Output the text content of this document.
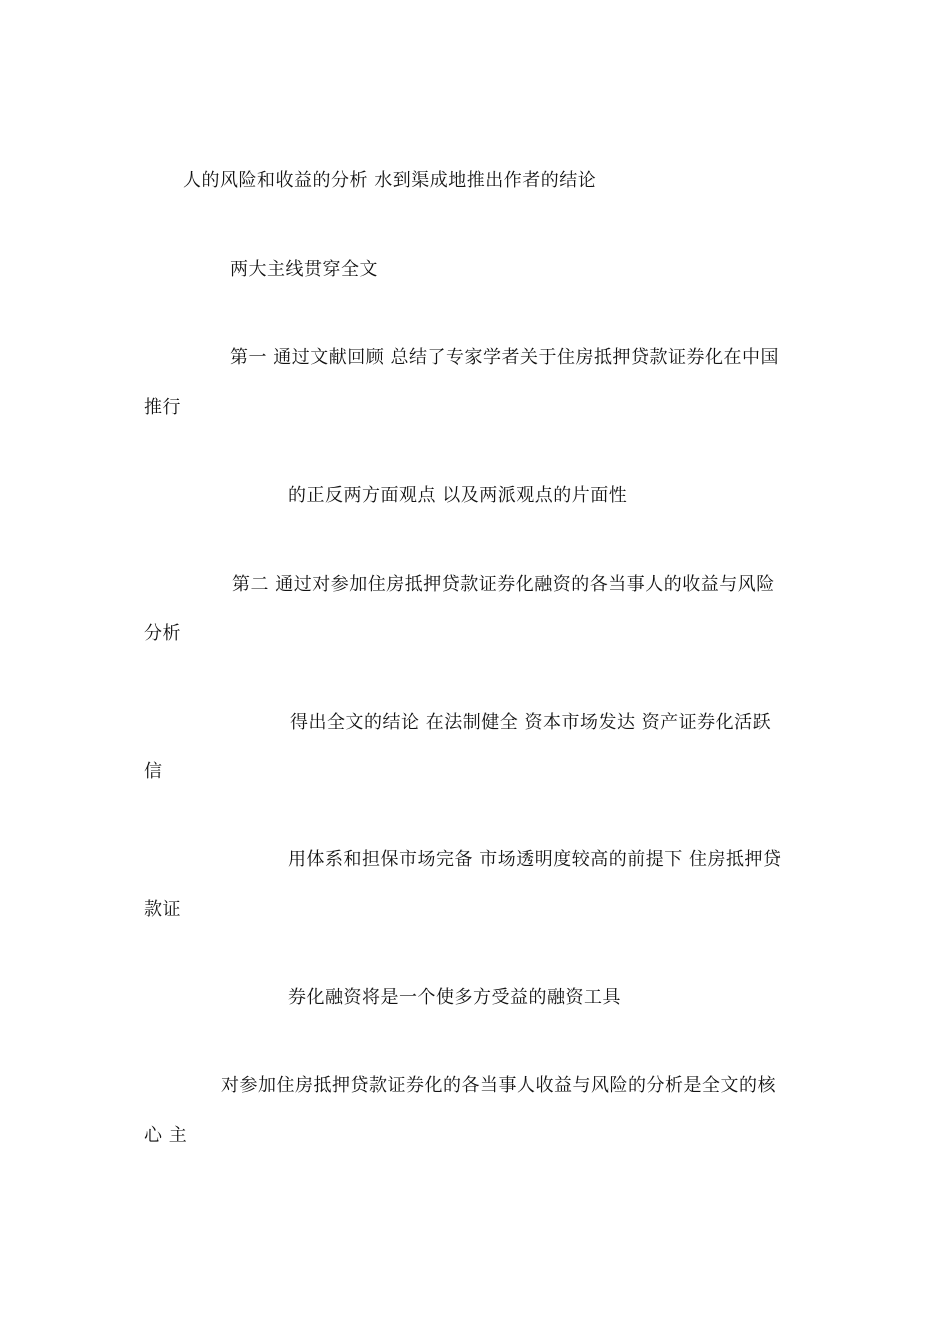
人的风险和收益的分析 水到渠成地推出作者的结论
两大主线贯穿全文
第一 通过文献回顾 总结了专家学者关于住房抵押贷款证券化在中国
推行
的正反两方面观点 以及两派观点的片面性
第二 通过对参加住房抵押贷款证券化融资的各当事人的收益与风险
分析
得出全文的结论 在法制健全 资本市场发达 资产证券化活跃
信
用体系和担保市场完备 市场透明度较高的前提下 住房抵押贷
款证
券化融资将是一个使多方受益的融资工具
对参加住房抵押贷款证券化的各当事人收益与风险的分析是全文的核
心 主
